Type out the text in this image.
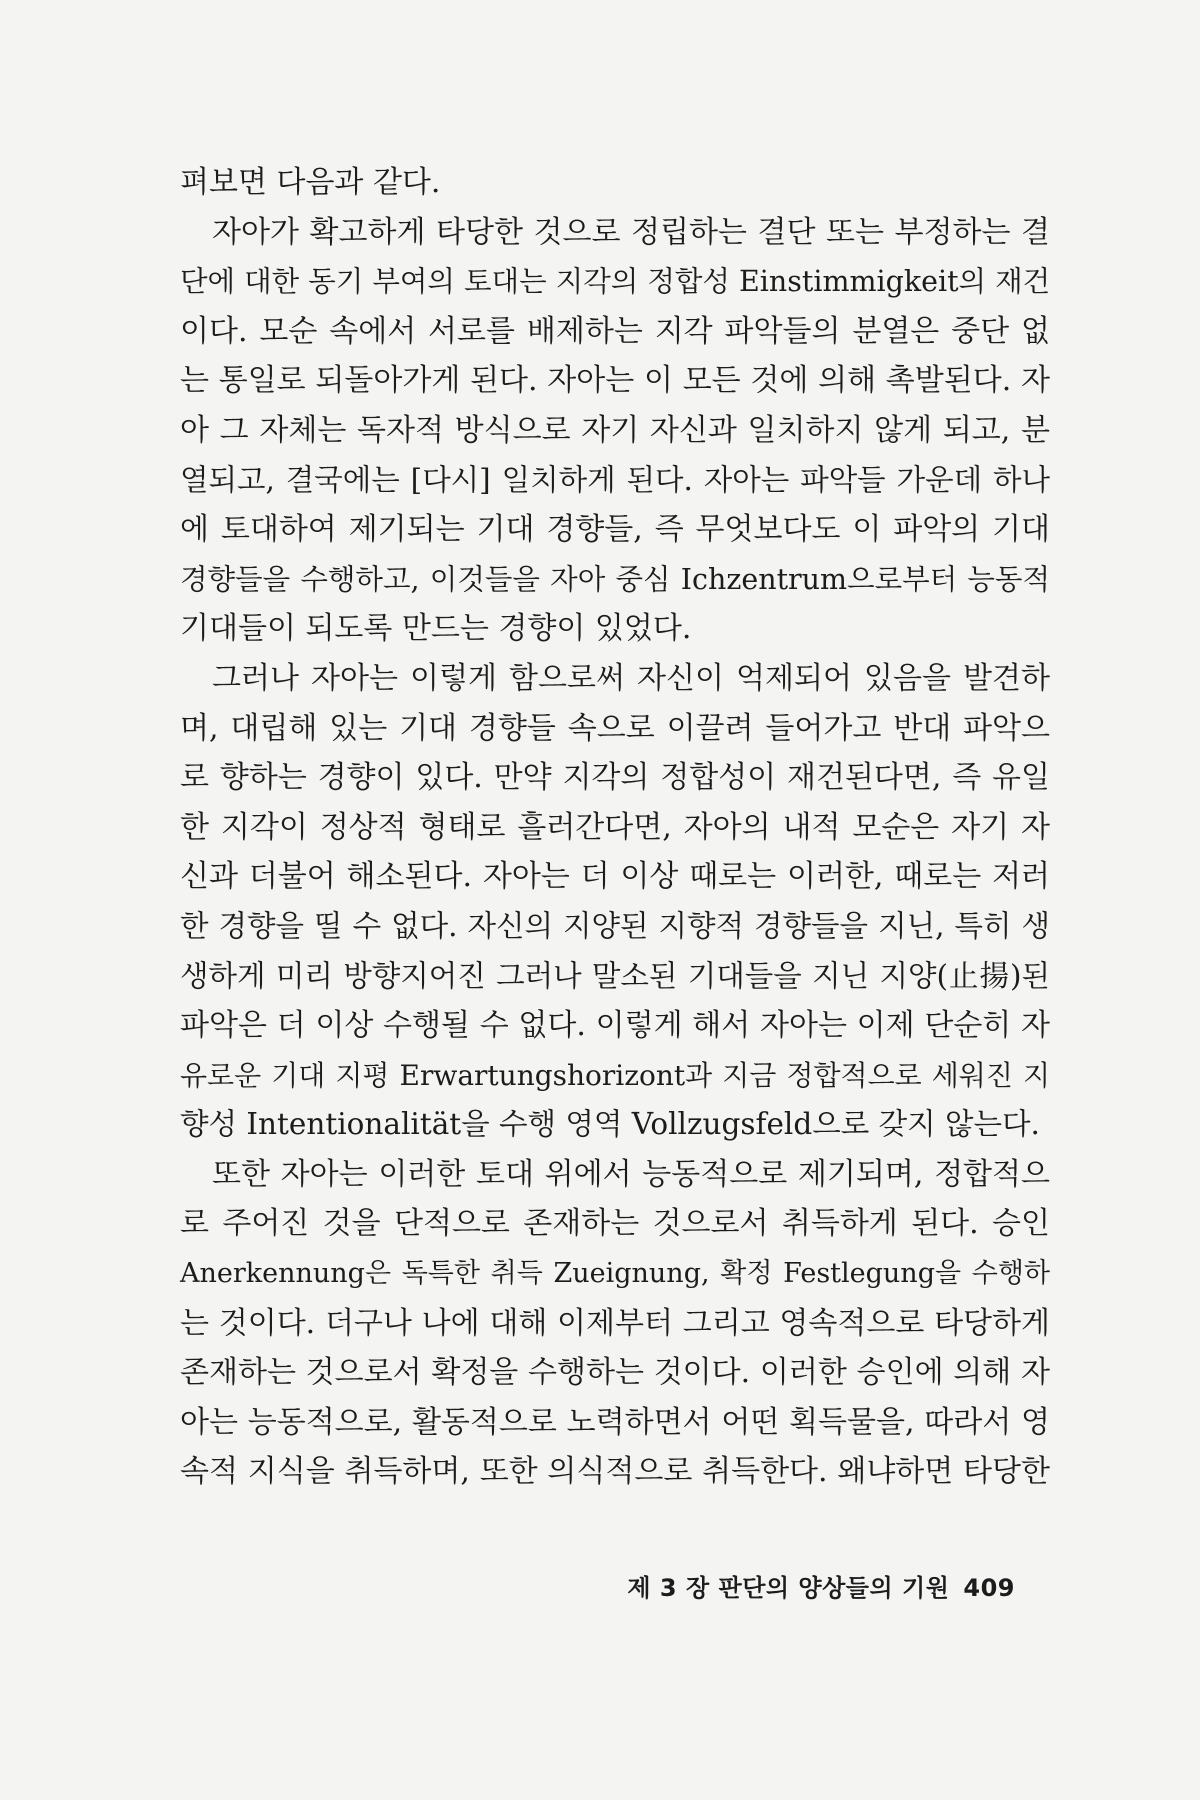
펴보면 다음과 같다.
자아가 확고하게 타당한 것으로 정립하는 결단 또는 부정하는 결
단에 대한 동기 부여의 토대는 지각의 정합성 Einstimmigkeit의 재건
이다. 모순 속에서 서로를 배제하는 지각 파악들의 분열은 중단 없
는 통일로 되돌아가게 된다. 자아는 이 모든 것에 의해 촉발된다. 자
아 그 자체는 독자적 방식으로 자기 자신과 일치하지 않게 되고, 분
열되고, 결국에는 [다시] 일치하게 된다. 자아는 파악들 가운데 하나
에 토대하여 제기되는 기대 경향들, 즉 무엇보다도 이 파악의 기대
경향들을 수행하고, 이것들을 자아 중심 Ichzentrum으로부터 능동적
기대들이 되도록 만드는 경향이 있었다.
그러나 자아는 이렇게 함으로써 자신이 억제되어 있음을 발견하
며, 대립해 있는 기대 경향들 속으로 이끌려 들어가고 반대 파악으
로 향하는 경향이 있다. 만약 지각의 정합성이 재건된다면, 즉 유일
한 지각이 정상적 형태로 흘러간다면, 자아의 내적 모순은 자기 자
신과 더불어 해소된다. 자아는 더 이상 때로는 이러한, 때로는 저러
한 경향을 띨 수 없다. 자신의 지양된 지향적 경향들을 지닌, 특히 생
생하게 미리 방향지어진 그러나 말소된 기대들을 지닌 지양(止揚)된
파악은 더 이상 수행될 수 없다. 이렇게 해서 자아는 이제 단순히 자
유로운 기대 지평 Erwartungshorizont과 지금 정합적으로 세워진 지
향성 Intentionalität을 수행 영역 Vollzugsfeld으로 갖지 않는다.
또한 자아는 이러한 토대 위에서 능동적으로 제기되며, 정합적으
로 주어진 것을 단적으로 존재하는 것으로서 취득하게 된다. 승인
Anerkennung은 독특한 취득 Zueignung, 확정 Festlegung을 수행하
는 것이다. 더구나 나에 대해 이제부터 그리고 영속적으로 타당하게
존재하는 것으로서 확정을 수행하는 것이다. 이러한 승인에 의해 자
아는 능동적으로, 활동적으로 노력하면서 어떤 획득물을, 따라서 영
속적 지식을 취득하며, 또한 의식적으로 취득한다. 왜냐하면 타당한
제 3 장 판단의 양상들의 기원 409
